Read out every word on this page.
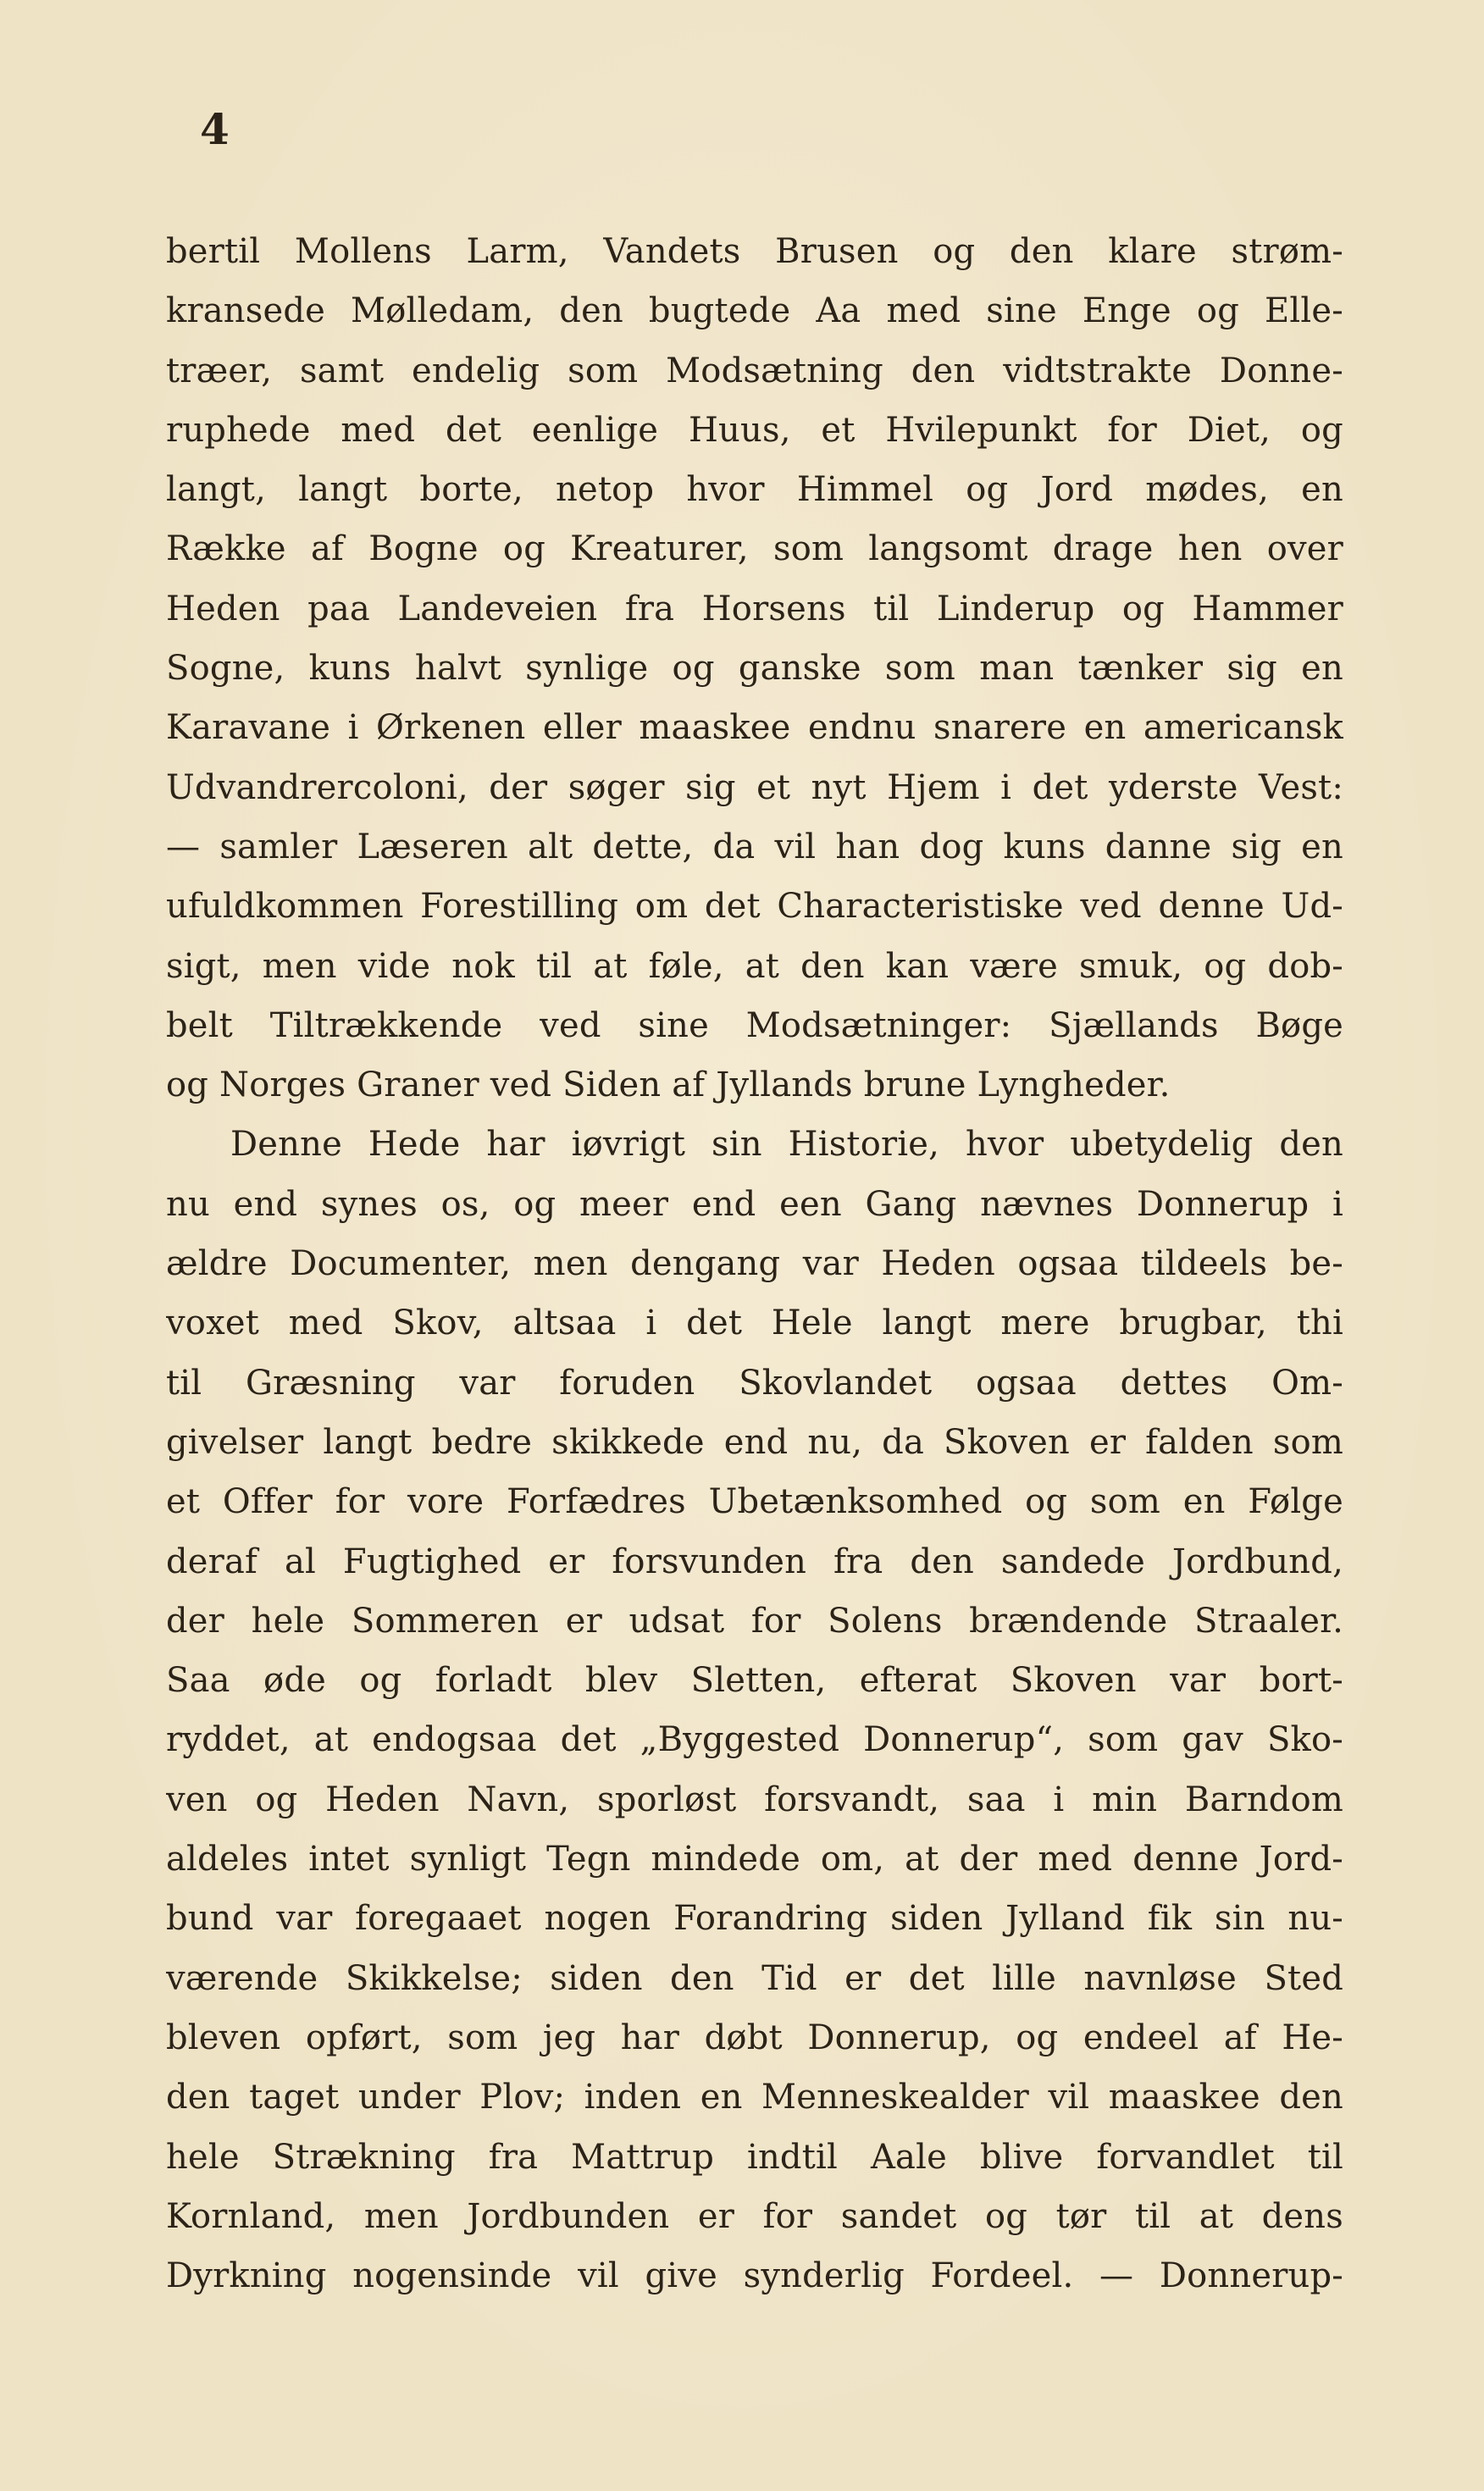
4
bertil Mollens Larm, Vandets Brusen og den klare strøm-
kransede Mølledam, den bugtede Aa med sine Enge og Elle-
træer, samt endelig som Modsætning den vidtstrakte Donne-
ruphede med det eenlige Huus, et Hvilepunkt for Diet, og
langt, langt borte, netop hvor Himmel og Jord mødes, en
Række af Bogne og Kreaturer, som langsomt drage hen over
Heden paa Landeveien fra Horsens til Linderup og Hammer
Sogne, kuns halvt synlige og ganske som man tænker sig en
Karavane i Ørkenen eller maaskee endnu snarere en americansk
Udvandrercoloni, der søger sig et nyt Hjem i det yderste Vest:
— samler Læseren alt dette, da vil han dog kuns danne sig en
ufuldkommen Forestilling om det Characteristiske ved denne Ud-
sigt, men vide nok til at føle, at den kan være smuk, og dob-
belt Tiltrækkende ved sine Modsætninger: Sjællands Bøge
og Norges Graner ved Siden af Jyllands brune Lyngheder.
Denne Hede har iøvrigt sin Historie, hvor ubetydelig den
nu end synes os, og meer end een Gang nævnes Donnerup i
ældre Documenter, men dengang var Heden ogsaa tildeels be-
voxet med Skov, altsaa i det Hele langt mere brugbar, thi
til Græsning var foruden Skovlandet ogsaa dettes Om-
givelser langt bedre skikkede end nu, da Skoven er falden som
et Offer for vore Forfædres Ubetænksomhed og som en Følge
deraf al Fugtighed er forsvunden fra den sandede Jordbund,
der hele Sommeren er udsat for Solens brændende Straaler.
Saa øde og forladt blev Sletten, efterat Skoven var bort-
ryddet, at endogsaa det „Byggested Donnerup“, som gav Sko-
ven og Heden Navn, sporløst forsvandt, saa i min Barndom
aldeles intet synligt Tegn mindede om, at der med denne Jord-
bund var foregaaet nogen Forandring siden Jylland fik sin nu-
værende Skikkelse; siden den Tid er det lille navnløse Sted
bleven opført, som jeg har døbt Donnerup, og endeel af He-
den taget under Plov; inden en Menneskealder vil maaskee den
hele Strækning fra Mattrup indtil Aale blive forvandlet til
Kornland, men Jordbunden er for sandet og tør til at dens
Dyrkning nogensinde vil give synderlig Fordeel. — Donnerup-
